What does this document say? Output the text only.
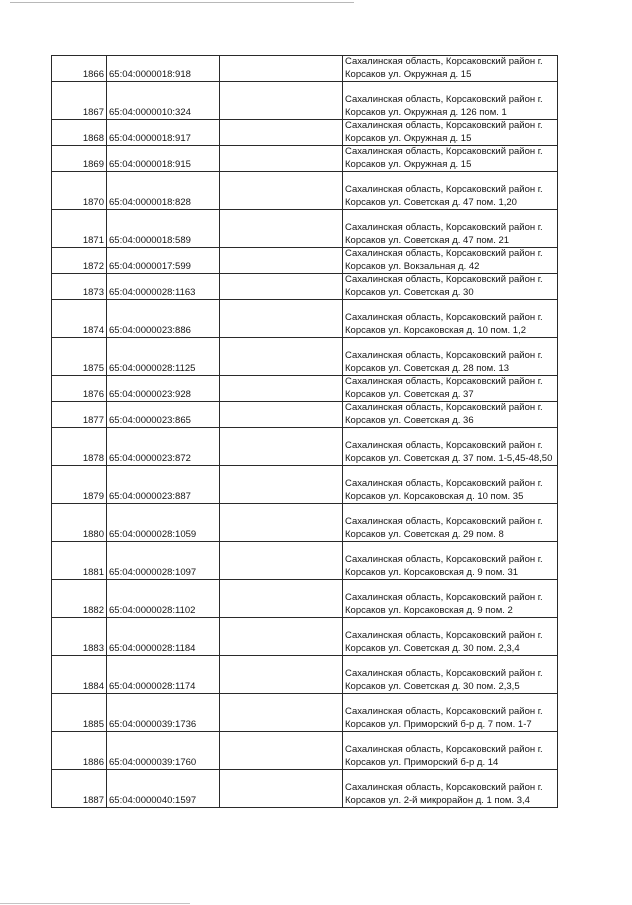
1866	65:04:0000018:918		Сахалинская область, Корсаковский район г.
Корсаков ул. Окружная д. 15

1867	65:04:0000010:324		Сахалинская область, Корсаковский район г.
Корсаков ул. Окружная д. 126 пом. 1

1868	65:04:0000018:917		Сахалинская область, Корсаковский район г.
Корсаков ул. Окружная д. 15

1869	65:04:0000018:915		Сахалинская область, Корсаковский район г.
Корсаков ул. Окружная д. 15

1870	65:04:0000018:828		Сахалинская область, Корсаковский район г.
Корсаков ул. Советская д. 47 пом. 1,20

1871	65:04:0000018:589		Сахалинская область, Корсаковский район г.
Корсаков ул. Советская д. 47 пом. 21

1872	65:04:0000017:599		Сахалинская область, Корсаковский район г.
Корсаков ул. Вокзальная д. 42

1873	65:04:0000028:1163		Сахалинская область, Корсаковский район г.
Корсаков ул. Советская д. 30

1874	65:04:0000023:886		Сахалинская область, Корсаковский район г.
Корсаков ул. Корсаковская д. 10 пом. 1,2

1875	65:04:0000028:1125		Сахалинская область, Корсаковский район г.
Корсаков ул. Советская д. 28 пом. 13

1876	65:04:0000023:928		Сахалинская область, Корсаковский район г.
Корсаков ул. Советская д. 37

1877	65:04:0000023:865		Сахалинская область, Корсаковский район г.
Корсаков ул. Советская д. 36

1878	65:04:0000023:872		Сахалинская область, Корсаковский район г.
Корсаков ул. Советская д. 37 пом. 1-5,45-48,50

1879	65:04:0000023:887		Сахалинская область, Корсаковский район г.
Корсаков ул. Корсаковская д. 10 пом. 35

1880	65:04:0000028:1059		Сахалинская область, Корсаковский район г.
Корсаков ул. Советская д. 29 пом. 8

1881	65:04:0000028:1097		Сахалинская область, Корсаковский район г.
Корсаков ул. Корсаковская д. 9 пом. 31

1882	65:04:0000028:1102		Сахалинская область, Корсаковский район г.
Корсаков ул. Корсаковская д. 9 пом. 2

1883	65:04:0000028:1184		Сахалинская область, Корсаковский район г.
Корсаков ул. Советская д. 30 пом. 2,3,4

1884	65:04:0000028:1174		Сахалинская область, Корсаковский район г.
Корсаков ул. Советская д. 30 пом. 2,3,5

1885	65:04:0000039:1736		Сахалинская область, Корсаковский район г.
Корсаков ул. Приморский б-р д. 7 пом. 1-7

1886	65:04:0000039:1760		Сахалинская область, Корсаковский район г.
Корсаков ул. Приморский б-р д. 14

1887	65:04:0000040:1597		Сахалинская область, Корсаковский район г.
Корсаков ул. 2-й микрорайон д. 1 пом. 3,4
